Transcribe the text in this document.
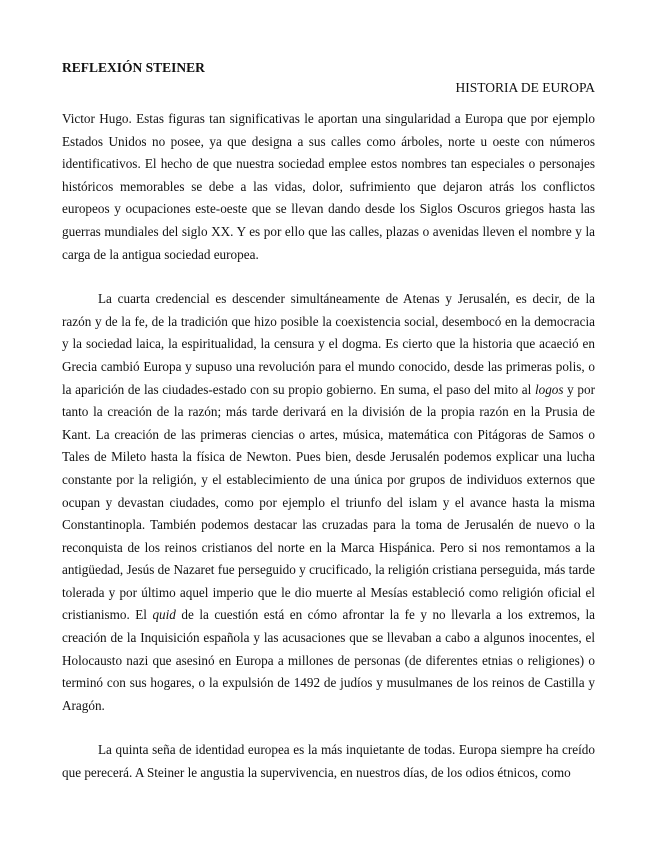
REFLEXIÓN STEINER

HISTORIA DE EUROPA

Victor Hugo. Estas figuras tan significativas le aportan una singularidad a Europa que por ejemplo Estados Unidos no posee, ya que designa a sus calles como árboles, norte u oeste con números identificativos. El hecho de que nuestra sociedad emplee estos nombres tan especiales o personajes históricos memorables se debe a las vidas, dolor, sufrimiento que dejaron atrás los conflictos europeos y ocupaciones este-oeste que se llevan dando desde los Siglos Oscuros griegos hasta las guerras mundiales del siglo XX. Y es por ello que las calles, plazas o avenidas lleven el nombre y la carga de la antigua sociedad europea.

La cuarta credencial es descender simultáneamente de Atenas y Jerusalén, es decir, de la razón y de la fe, de la tradición que hizo posible la coexistencia social, desembocó en la democracia y la sociedad laica, la espiritualidad, la censura y el dogma. Es cierto que la historia que acaeció en Grecia cambió Europa y supuso una revolución para el mundo conocido, desde las primeras polis, o la aparición de las ciudades-estado con su propio gobierno. En suma, el paso del mito al logos y por tanto la creación de la razón; más tarde derivará en la división de la propia razón en la Prusia de Kant. La creación de las primeras ciencias o artes, música, matemática con Pitágoras de Samos o Tales de Mileto hasta la física de Newton. Pues bien, desde Jerusalén podemos explicar una lucha constante por la religión, y el establecimiento de una única por grupos de individuos externos que ocupan y devastan ciudades, como por ejemplo el triunfo del islam y el avance hasta la misma Constantinopla. También podemos destacar las cruzadas para la toma de Jerusalén de nuevo o la reconquista de los reinos cristianos del norte en la Marca Hispánica. Pero si nos remontamos a la antigüedad, Jesús de Nazaret fue perseguido y crucificado, la religión cristiana perseguida, más tarde tolerada y por último aquel imperio que le dio muerte al Mesías estableció como religión oficial el cristianismo. El quid de la cuestión está en cómo afrontar la fe y no llevarla a los extremos, la creación de la Inquisición española y las acusaciones que se llevaban a cabo a algunos inocentes, el Holocausto nazi que asesinó en Europa a millones de personas (de diferentes etnias o religiones) o terminó con sus hogares, o la expulsión de 1492 de judíos y musulmanes de los reinos de Castilla y Aragón.

La quinta seña de identidad europea es la más inquietante de todas. Europa siempre ha creído que perecerá. A Steiner le angustia la supervivencia, en nuestros días, de los odios étnicos, como
